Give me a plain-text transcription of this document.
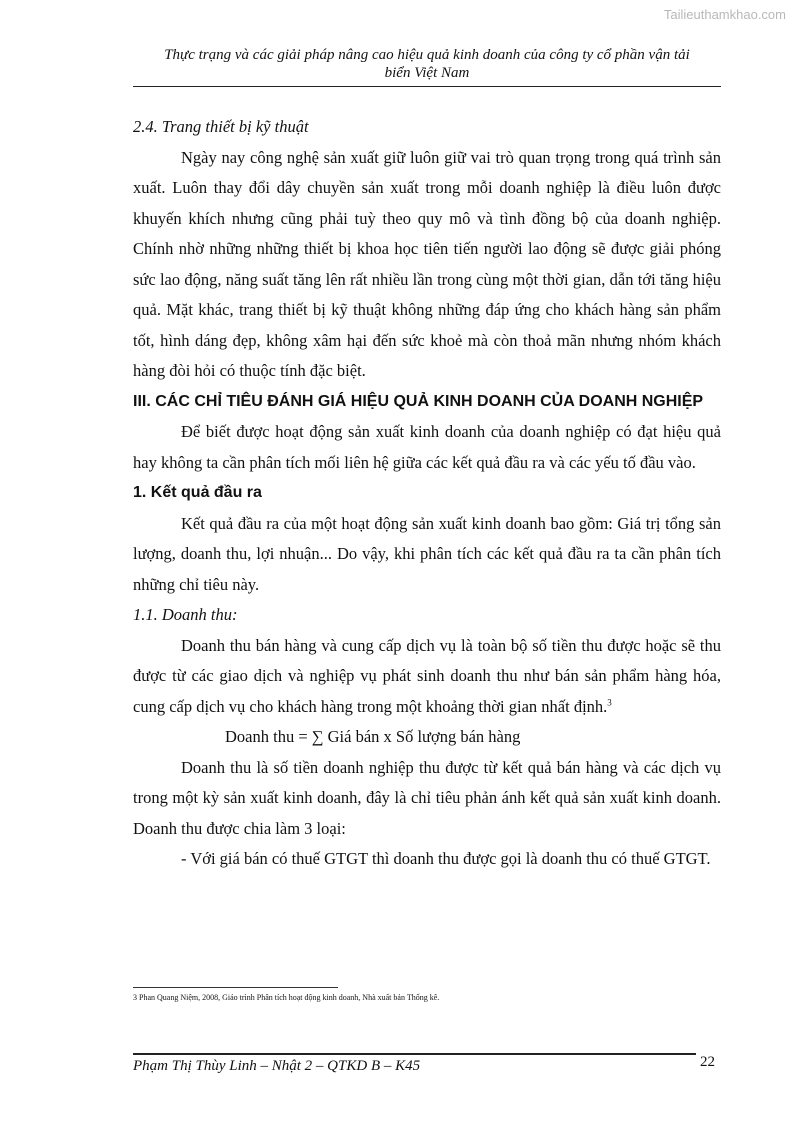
Tailieuthamkhao.com
Thực trạng và các giải pháp nâng cao hiệu quả kinh doanh của công ty cổ phần vận tải
biển Việt Nam

2.4. Trang thiết bị kỹ thuật

Ngày nay công nghệ sản xuất giữ luôn giữ vai trò quan trọng trong quá trình sản xuất. Luôn thay đổi dây chuyền sản xuất trong mỗi doanh nghiệp là điều luôn được khuyến khích nhưng cũng phải tuỳ theo quy mô và tình đồng bộ của doanh nghiệp. Chính nhờ những những thiết bị khoa học tiên tiến người lao động sẽ được giải phóng sức lao động, năng suất tăng lên rất nhiều lần trong cùng một thời gian, dẫn tới tăng hiệu quả. Mặt khác, trang thiết bị kỹ thuật không những đáp ứng cho khách hàng sản phẩm tốt, hình dáng đẹp, không xâm hại đến sức khoẻ mà còn thoả mãn nhưng nhóm khách hàng đòi hỏi có thuộc tính đặc biệt.

III. CÁC CHỈ TIÊU ĐÁNH GIÁ HIỆU QUẢ KINH DOANH CỦA DOANH NGHIỆP

Để biết được hoạt động sản xuất kinh doanh của doanh nghiệp có đạt hiệu quả hay không ta cần phân tích mối liên hệ giữa các kết quả đầu ra và các yếu tố đầu vào.

1. Kết quả đầu ra

Kết quả đầu ra của một hoạt động sản xuất kinh doanh bao gồm: Giá trị tổng sản lượng, doanh thu, lợi nhuận... Do vậy, khi phân tích các kết quả đầu ra ta cần phân tích những chỉ tiêu này.

1.1. Doanh thu:

Doanh thu bán hàng và cung cấp dịch vụ là toàn bộ số tiền thu được hoặc sẽ thu được từ các giao dịch và nghiệp vụ phát sinh doanh thu như bán sản phẩm hàng hóa, cung cấp dịch vụ cho khách hàng trong một khoảng thời gian nhất định.$^3$

Doanh thu = ∑ Giá bán x Số lượng bán hàng

Doanh thu là số tiền doanh nghiệp thu được từ kết quả bán hàng và các dịch vụ trong một kỳ sản xuất kinh doanh, đây là chỉ tiêu phản ánh kết quả sản xuất kinh doanh. Doanh thu được chia làm 3 loại:

- Với giá bán có thuế GTGT thì doanh thu được gọi là doanh thu có thuế GTGT.

3 Phan Quang Niệm, 2008, Giáo trình Phân tích hoạt động kinh doanh, Nhà xuất bản Thống kê.
Phạm Thị Thùy Linh – Nhật 2 – QTKD B – K45	22
